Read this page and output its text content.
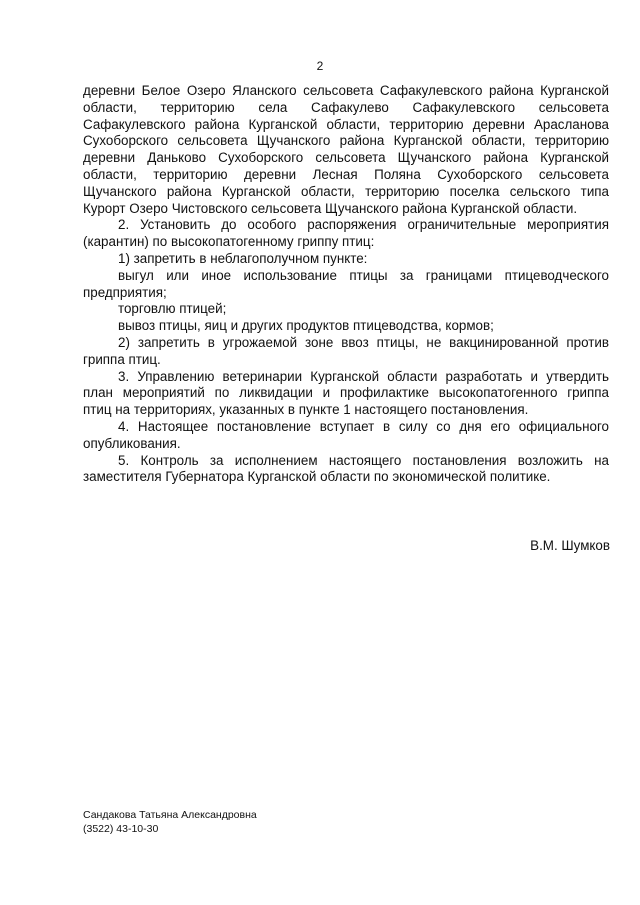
2
деревни Белое Озеро Яланского сельсовета Сафакулевского района Курганской
области, территорию села Сафакулево Сафакулевского сельсовета
Сафакулевского района Курганской области, территорию деревни Арасланова
Сухоборского сельсовета Щучанского района Курганской области, территорию
деревни Даньково Сухоборского сельсовета Щучанского района Курганской
области, территорию деревни Лесная Поляна Сухоборского сельсовета
Щучанского района Курганской области, территорию поселка сельского типа
Курорт Озеро Чистовского сельсовета Щучанского района Курганской области.
2. Установить до особого распоряжения ограничительные мероприятия
(карантин) по высокопатогенному гриппу птиц:
1) запретить в неблагополучном пункте:
выгул или иное использование птицы за границами птицеводческого
предприятия;
торговлю птицей;
вывоз птицы, яиц и других продуктов птицеводства, кормов;
2) запретить в угрожаемой зоне ввоз птицы, не вакцинированной против
гриппа птиц.
3. Управлению ветеринарии Курганской области разработать и утвердить
план мероприятий по ликвидации и профилактике высокопатогенного гриппа
птиц на территориях, указанных в пункте 1 настоящего постановления.
4. Настоящее постановление вступает в силу со дня его официального
опубликования.
5. Контроль за исполнением настоящего постановления возложить на
заместителя Губернатора Курганской области по экономической политике.
В.М. Шумков
Сандакова Татьяна Александровна
(3522) 43-10-30
